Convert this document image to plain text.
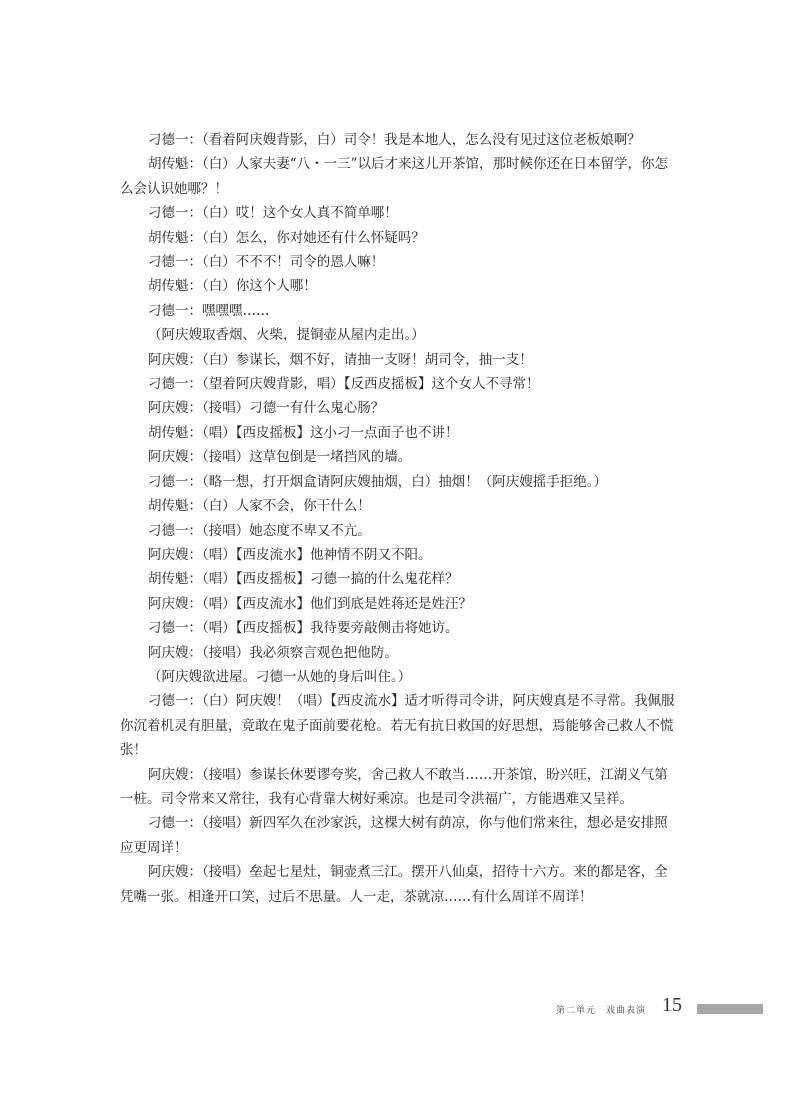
刁德一：（看着阿庆嫂背影，白）司令！我是本地人，怎么没有见过这位老板娘啊？

胡传魁：（白）人家夫妻“八・一三”以后才来这儿开茶馆，那时候你还在日本留学，你怎么会认识她哪？！

刁德一：（白）哎！这个女人真不简单哪！

胡传魁：（白）怎么，你对她还有什么怀疑吗？

刁德一：（白）不不不！司令的恩人嘛！

胡传魁：（白）你这个人哪！

刁德一：嘿嘿嘿……

（阿庆嫂取香烟、火柴，提铜壶从屋内走出。）

阿庆嫂：（白）参谋长，烟不好，请抽一支呀！胡司令，抽一支！

刁德一：（望着阿庆嫂背影，唱）【反西皮摇板】这个女人不寻常！

阿庆嫂：（接唱）刁德一有什么鬼心肠？

胡传魁：（唱）【西皮摇板】这小刁一点面子也不讲！

阿庆嫂：（接唱）这草包倒是一堵挡风的墙。

刁德一：（略一想，打开烟盒请阿庆嫂抽烟，白）抽烟！（阿庆嫂摇手拒绝。）

胡传魁：（白）人家不会，你干什么！

刁德一：（接唱）她态度不卑又不亢。

阿庆嫂：（唱）【西皮流水】他神情不阴又不阳。

胡传魁：（唱）【西皮摇板】刁德一搞的什么鬼花样？

阿庆嫂：（唱）【西皮流水】他们到底是姓蒋还是姓汪？

刁德一：（唱）【西皮摇板】我待要旁敲侧击将她访。

阿庆嫂：（接唱）我必须察言观色把他防。

（阿庆嫂欲进屋。刁德一从她的身后叫住。）

刁德一：（白）阿庆嫂！（唱）【西皮流水】适才听得司令讲，阿庆嫂真是不寻常。我佩服你沉着机灵有胆量，竟敢在鬼子面前要花枪。若无有抗日救国的好思想，焉能够舍己救人不慌张！

阿庆嫂：（接唱）参谋长休要谬夸奖，舍己救人不敢当……开茶馆，盼兴旺，江湖义气第一桩。司令常来又常往，我有心背靠大树好乘凉。也是司令洪福广，方能遇难又呈祥。

刁德一：（接唱）新四军久在沙家浜，这棵大树有荫凉，你与他们常来往，想必是安排照应更周详！

阿庆嫂：（接唱）垒起七星灶，铜壶煮三江。摆开八仙桌，招待十六方。来的都是客，全凭嘴一张。相逢开口笑，过后不思量。人一走，茶就凉……有什么周详不周详！

第二单元　戏曲表演 15
